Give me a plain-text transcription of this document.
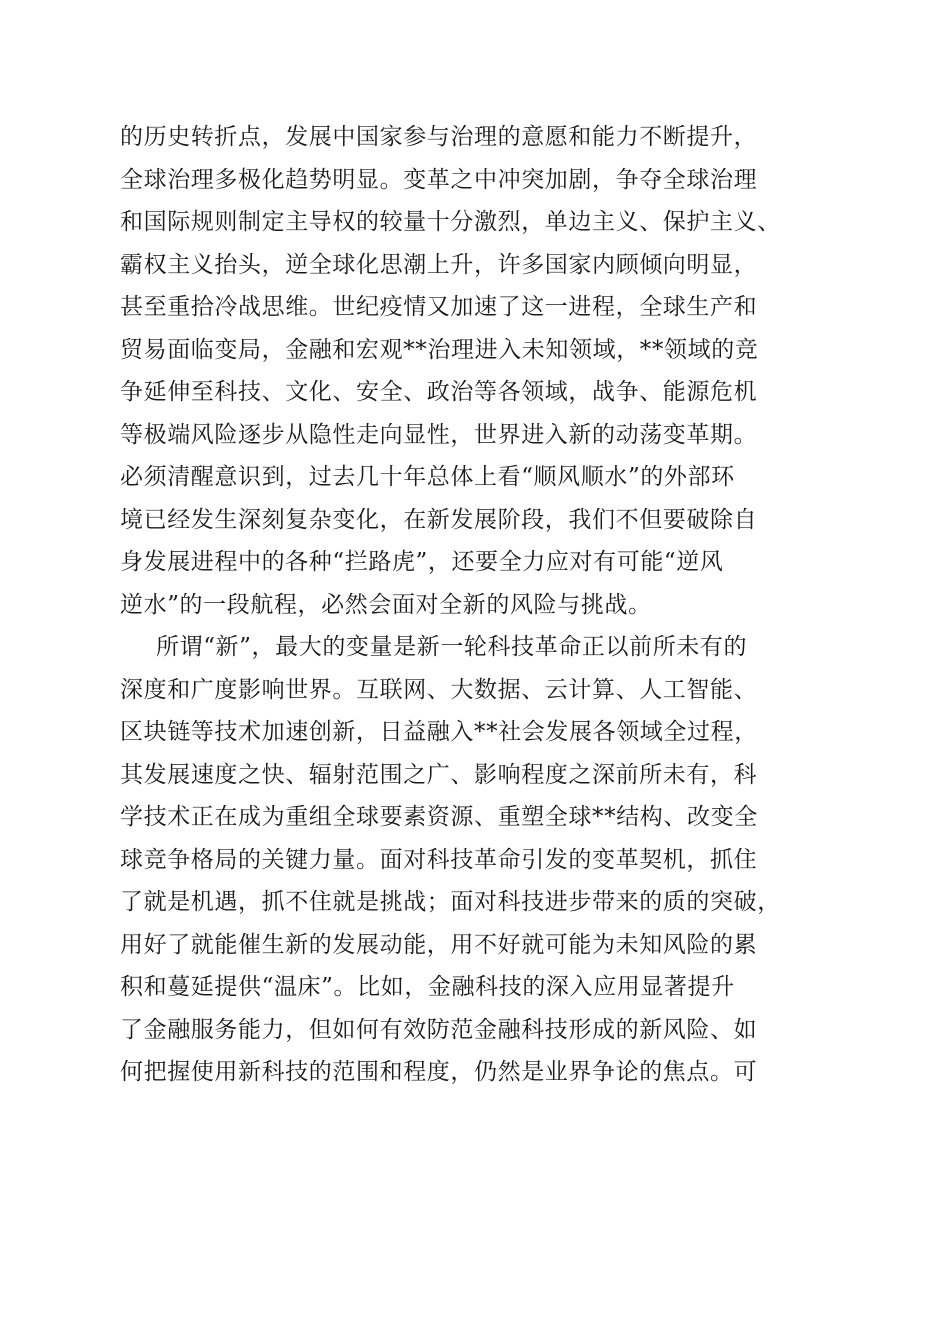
的历史转折点，发展中国家参与治理的意愿和能力不断提升，
全球治理多极化趋势明显。变革之中冲突加剧，争夺全球治理
和国际规则制定主导权的较量十分激烈，单边主义、保护主义、
霸权主义抬头，逆全球化思潮上升，许多国家内顾倾向明显，
甚至重拾冷战思维。世纪疫情又加速了这一进程，全球生产和
贸易面临变局，金融和宏观**治理进入未知领域，**领域的竞
争延伸至科技、文化、安全、政治等各领域，战争、能源危机
等极端风险逐步从隐性走向显性，世界进入新的动荡变革期。
必须清醒意识到，过去几十年总体上看“顺风顺水”的外部环
境已经发生深刻复杂变化，在新发展阶段，我们不但要破除自
身发展进程中的各种“拦路虎”，还要全力应对有可能“逆风
逆水”的一段航程，必然会面对全新的风险与挑战。
所谓“新”，最大的变量是新一轮科技革命正以前所未有的
深度和广度影响世界。互联网、大数据、云计算、人工智能、
区块链等技术加速创新，日益融入**社会发展各领域全过程，
其发展速度之快、辐射范围之广、影响程度之深前所未有，科
学技术正在成为重组全球要素资源、重塑全球**结构、改变全
球竞争格局的关键力量。面对科技革命引发的变革契机，抓住
了就是机遇，抓不住就是挑战；面对科技进步带来的质的突破，
用好了就能催生新的发展动能，用不好就可能为未知风险的累
积和蔓延提供“温床”。比如，金融科技的深入应用显著提升
了金融服务能力，但如何有效防范金融科技形成的新风险、如
何把握使用新科技的范围和程度，仍然是业界争论的焦点。可
